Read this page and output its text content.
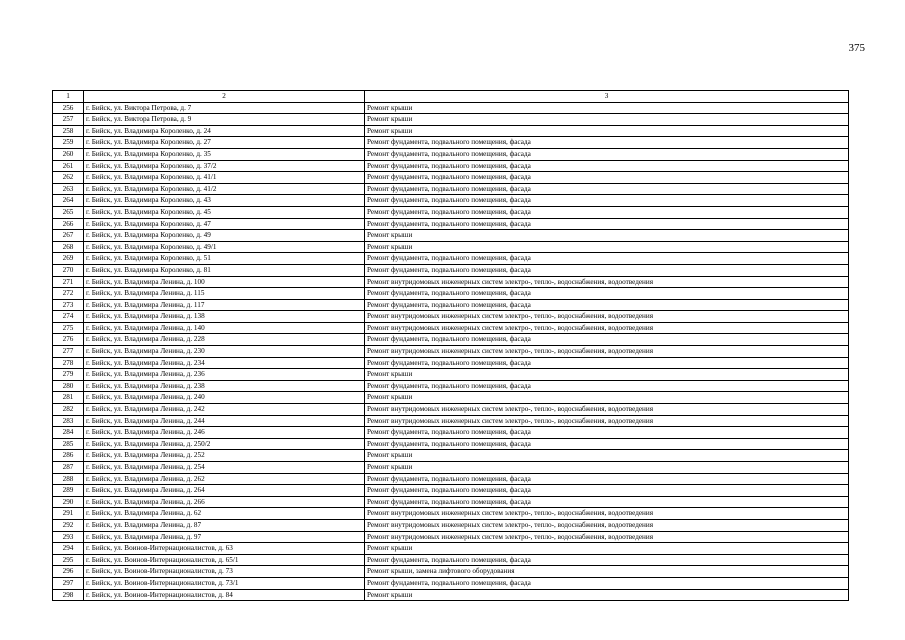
375
1	2	3
256	г. Бийск, ул. Виктора Петрова, д. 7	Ремонт крыши
257	г. Бийск, ул. Виктора Петрова, д. 9	Ремонт крыши
258	г. Бийск, ул. Владимира Короленко, д. 24	Ремонт крыши
259	г. Бийск, ул. Владимира Короленко, д. 27	Ремонт фундамента, подвального помещения, фасада
260	г. Бийск, ул. Владимира Короленко, д. 35	Ремонт фундамента, подвального помещения, фасада
261	г. Бийск, ул. Владимира Короленко, д. 37/2	Ремонт фундамента, подвального помещения, фасада
262	г. Бийск, ул. Владимира Короленко, д. 41/1	Ремонт фундамента, подвального помещения, фасада
263	г. Бийск, ул. Владимира Короленко, д. 41/2	Ремонт фундамента, подвального помещения, фасада
264	г. Бийск, ул. Владимира Короленко, д. 43	Ремонт фундамента, подвального помещения, фасада
265	г. Бийск, ул. Владимира Короленко, д. 45	Ремонт фундамента, подвального помещения, фасада
266	г. Бийск, ул. Владимира Короленко, д. 47	Ремонт фундамента, подвального помещения, фасада
267	г. Бийск, ул. Владимира Короленко, д. 49	Ремонт крыши
268	г. Бийск, ул. Владимира Короленко, д. 49/1	Ремонт крыши
269	г. Бийск, ул. Владимира Короленко, д. 51	Ремонт фундамента, подвального помещения, фасада
270	г. Бийск, ул. Владимира Короленко, д. 81	Ремонт фундамента, подвального помещения, фасада
271	г. Бийск, ул. Владимира Ленина, д. 100	Ремонт внутридомовых инженерных систем электро-, тепло-, водоснабжения, водоотведения
272	г. Бийск, ул. Владимира Ленина, д. 115	Ремонт фундамента, подвального помещения, фасада
273	г. Бийск, ул. Владимира Ленина, д. 117	Ремонт фундамента, подвального помещения, фасада
274	г. Бийск, ул. Владимира Ленина, д. 138	Ремонт внутридомовых инженерных систем электро-, тепло-, водоснабжения, водоотведения
275	г. Бийск, ул. Владимира Ленина, д. 140	Ремонт внутридомовых инженерных систем электро-, тепло-, водоснабжения, водоотведения
276	г. Бийск, ул. Владимира Ленина, д. 228	Ремонт фундамента, подвального помещения, фасада
277	г. Бийск, ул. Владимира Ленина, д. 230	Ремонт внутридомовых инженерных систем электро-, тепло-, водоснабжения, водоотведения
278	г. Бийск, ул. Владимира Ленина, д. 234	Ремонт фундамента, подвального помещения, фасада
279	г. Бийск, ул. Владимира Ленина, д. 236	Ремонт крыши
280	г. Бийск, ул. Владимира Ленина, д. 238	Ремонт фундамента, подвального помещения, фасада
281	г. Бийск, ул. Владимира Ленина, д. 240	Ремонт крыши
282	г. Бийск, ул. Владимира Ленина, д. 242	Ремонт внутридомовых инженерных систем электро-, тепло-, водоснабжения, водоотведения
283	г. Бийск, ул. Владимира Ленина, д. 244	Ремонт внутридомовых инженерных систем электро-, тепло-, водоснабжения, водоотведения
284	г. Бийск, ул. Владимира Ленина, д. 246	Ремонт фундамента, подвального помещения, фасада
285	г. Бийск, ул. Владимира Ленина, д. 250/2	Ремонт фундамента, подвального помещения, фасада
286	г. Бийск, ул. Владимира Ленина, д. 252	Ремонт крыши
287	г. Бийск, ул. Владимира Ленина, д. 254	Ремонт крыши
288	г. Бийск, ул. Владимира Ленина, д. 262	Ремонт фундамента, подвального помещения, фасада
289	г. Бийск, ул. Владимира Ленина, д. 264	Ремонт фундамента, подвального помещения, фасада
290	г. Бийск, ул. Владимира Ленина, д. 266	Ремонт фундамента, подвального помещения, фасада
291	г. Бийск, ул. Владимира Ленина, д. 62	Ремонт внутридомовых инженерных систем электро-, тепло-, водоснабжения, водоотведения
292	г. Бийск, ул. Владимира Ленина, д. 87	Ремонт внутридомовых инженерных систем электро-, тепло-, водоснабжения, водоотведения
293	г. Бийск, ул. Владимира Ленина, д. 97	Ремонт внутридомовых инженерных систем электро-, тепло-, водоснабжения, водоотведения
294	г. Бийск, ул. Воинов-Интернационалистов, д. 63	Ремонт крыши
295	г. Бийск, ул. Воинов-Интернационалистов, д. 65/1	Ремонт фундамента, подвального помещения, фасада
296	г. Бийск, ул. Воинов-Интернационалистов, д. 73	Ремонт крыши, замена лифтового оборудования
297	г. Бийск, ул. Воинов-Интернационалистов, д. 73/1	Ремонт фундамента, подвального помещения, фасада
298	г. Бийск, ул. Воинов-Интернационалистов, д. 84	Ремонт крыши
